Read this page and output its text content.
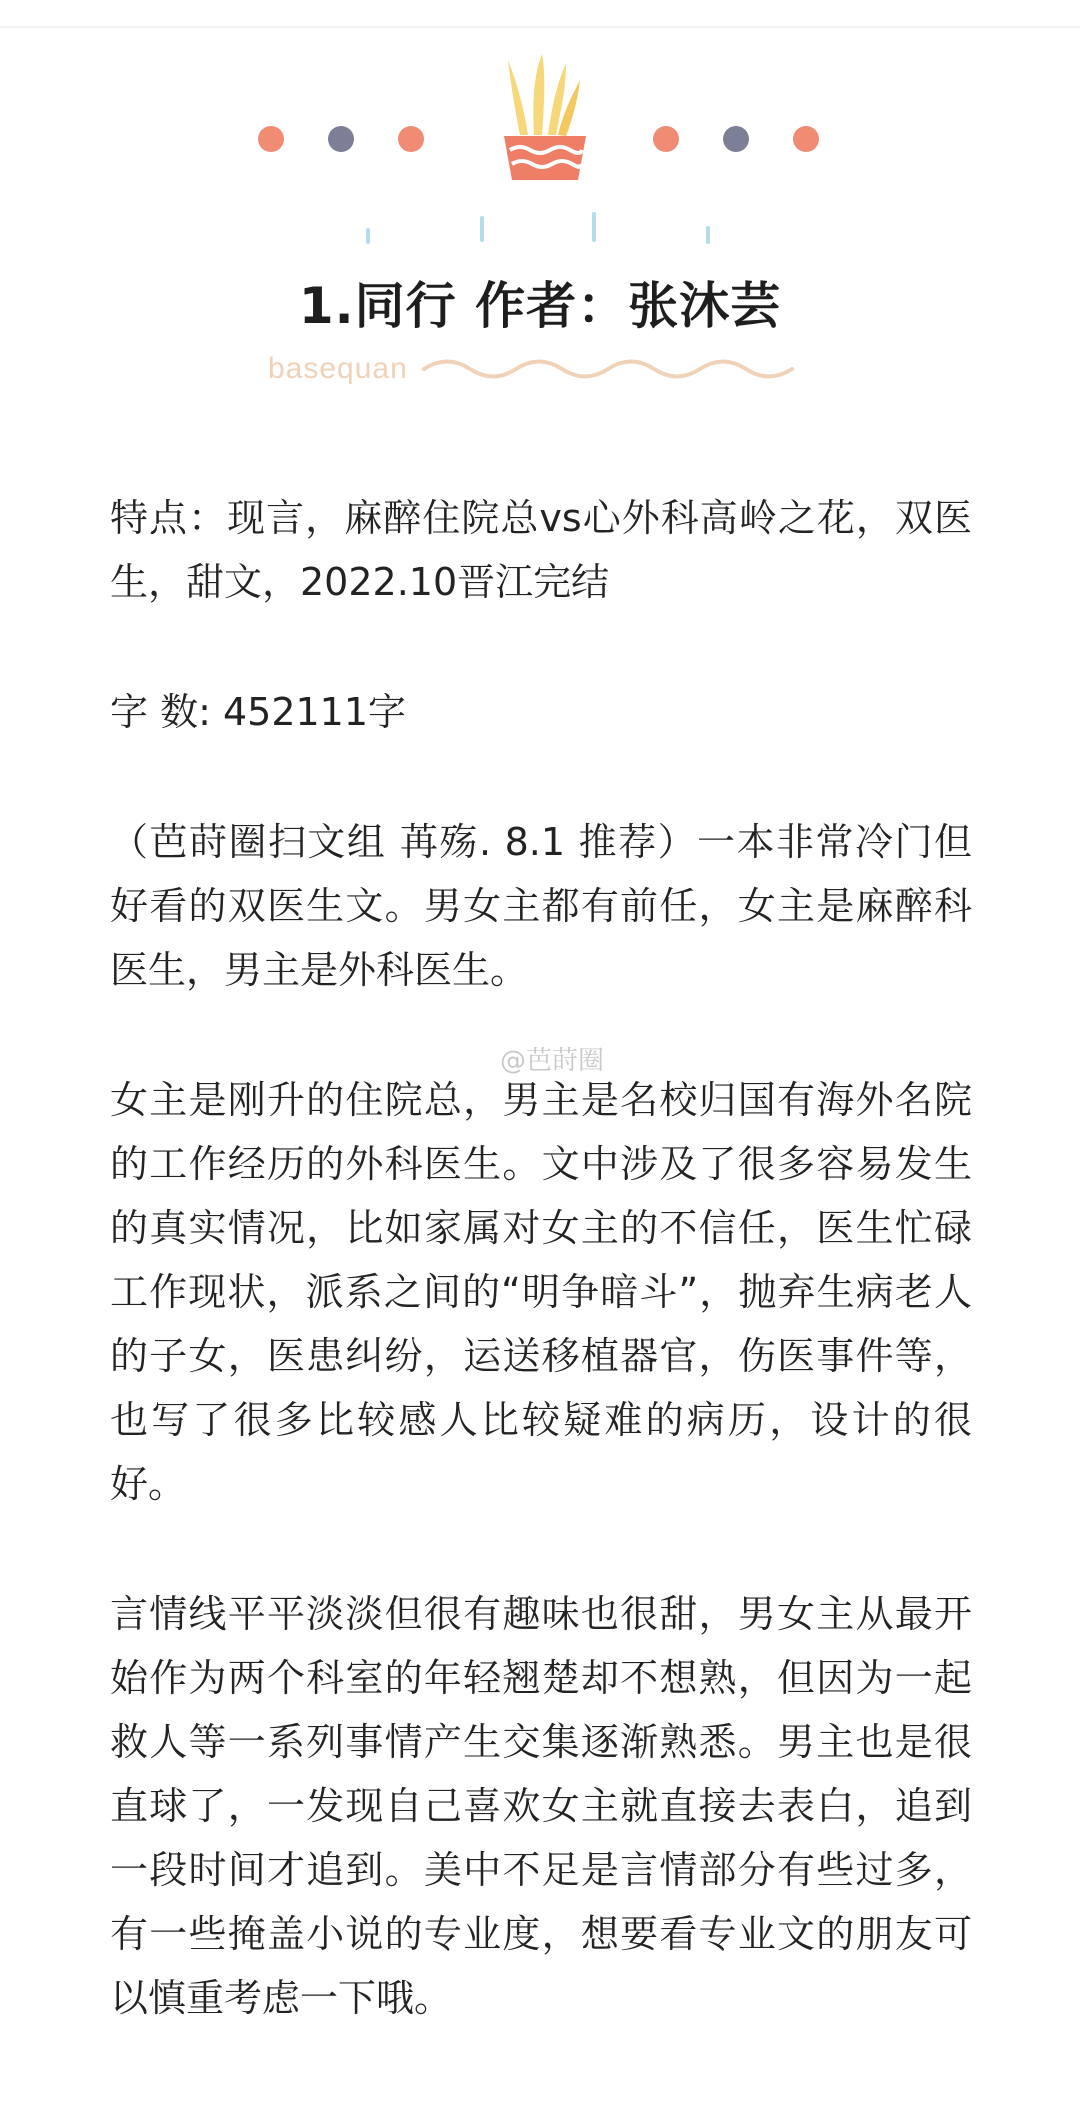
1.同行 作者：张沐芸
basequan

特点：现言，麻醉住院总vs心外科高岭之花，双医生，甜文，2022.10晋江完结

字 数: 452111字

（芭莳圈扫文组 苒殇. 8.1 推荐）一本非常冷门但好看的双医生文。男女主都有前任，女主是麻醉科医生，男主是外科医生。

女主是刚升的住院总，男主是名校归国有海外名院的工作经历的外科医生。文中涉及了很多容易发生的真实情况，比如家属对女主的不信任，医生忙碌工作现状，派系之间的“明争暗斗”，抛弃生病老人的子女，医患纠纷，运送移植器官，伤医事件等，也写了很多比较感人比较疑难的病历，设计的很好。

言情线平平淡淡但很有趣味也很甜，男女主从最开始作为两个科室的年轻翘楚却不想熟，但因为一起救人等一系列事情产生交集逐渐熟悉。男主也是很直球了，一发现自己喜欢女主就直接去表白，追到一段时间才追到。美中不足是言情部分有些过多，有一些掩盖小说的专业度，想要看专业文的朋友可以慎重考虑一下哦。

@芭莳圈
